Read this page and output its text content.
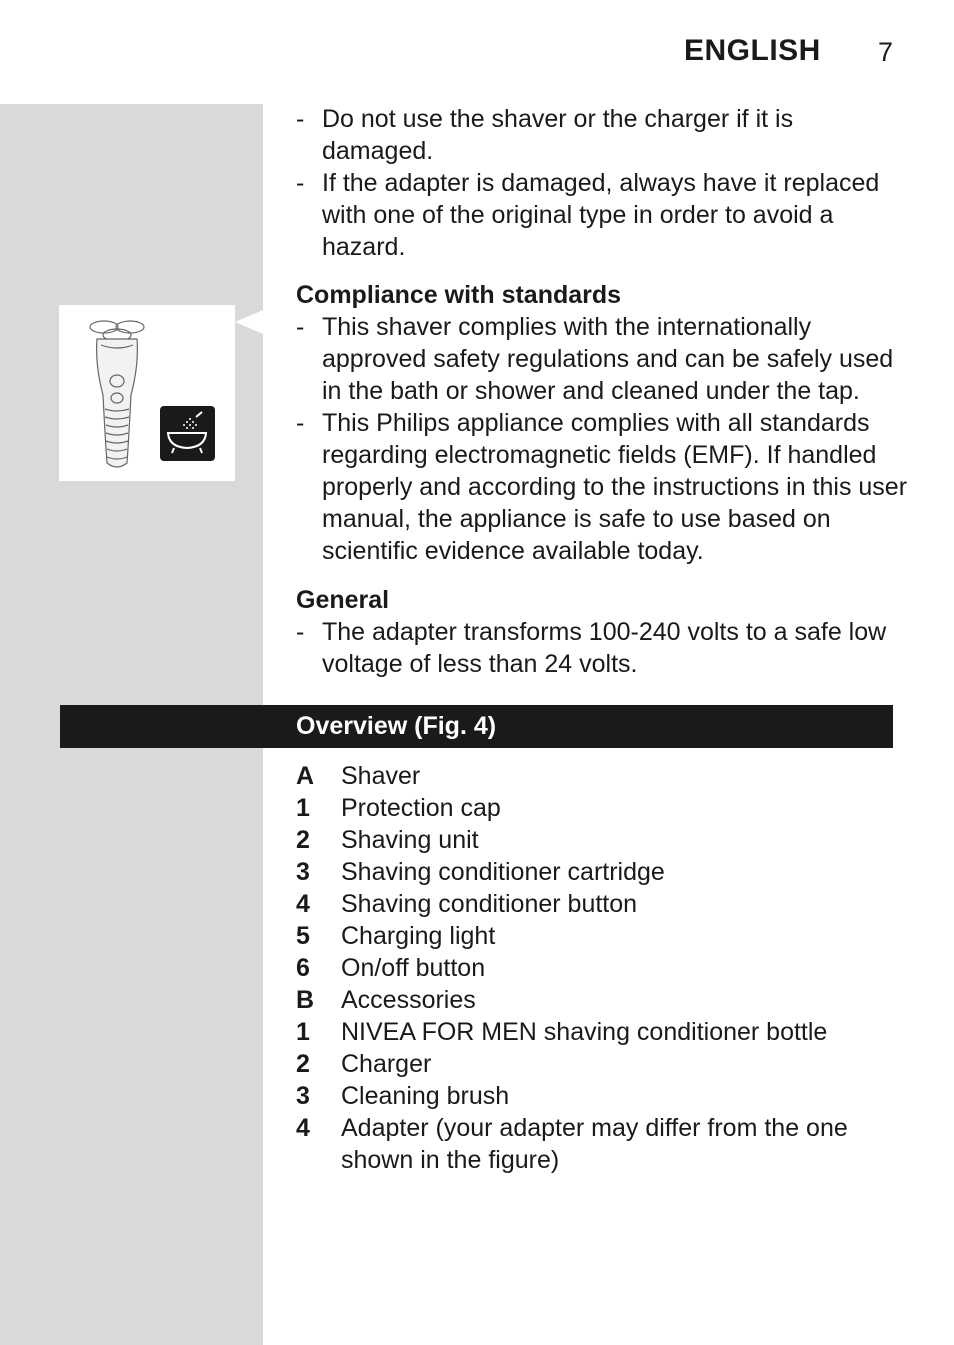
ENGLISH 7
- Do not use the shaver or the charger if it is damaged.
- If the adapter is damaged, always have it replaced with one of the original type in order to avoid a hazard.
Compliance with standards
- This shaver complies with the internationally approved safety regulations and can be safely used in the bath or shower and cleaned under the tap.
- This Philips appliance complies with all standards regarding electromagnetic fields (EMF). If handled properly and according to the instructions in this user manual, the appliance is safe to use based on scientific evidence available today.
General
- The adapter transforms 100-240 volts to a safe low voltage of less than 24 volts.
Overview (Fig. 4)
A Shaver
1 Protection cap
2 Shaving unit
3 Shaving conditioner cartridge
4 Shaving conditioner button
5 Charging light
6 On/off button
B Accessories
1 NIVEA FOR MEN shaving conditioner bottle
2 Charger
3 Cleaning brush
4 Adapter (your adapter may differ from the one shown in the figure)
